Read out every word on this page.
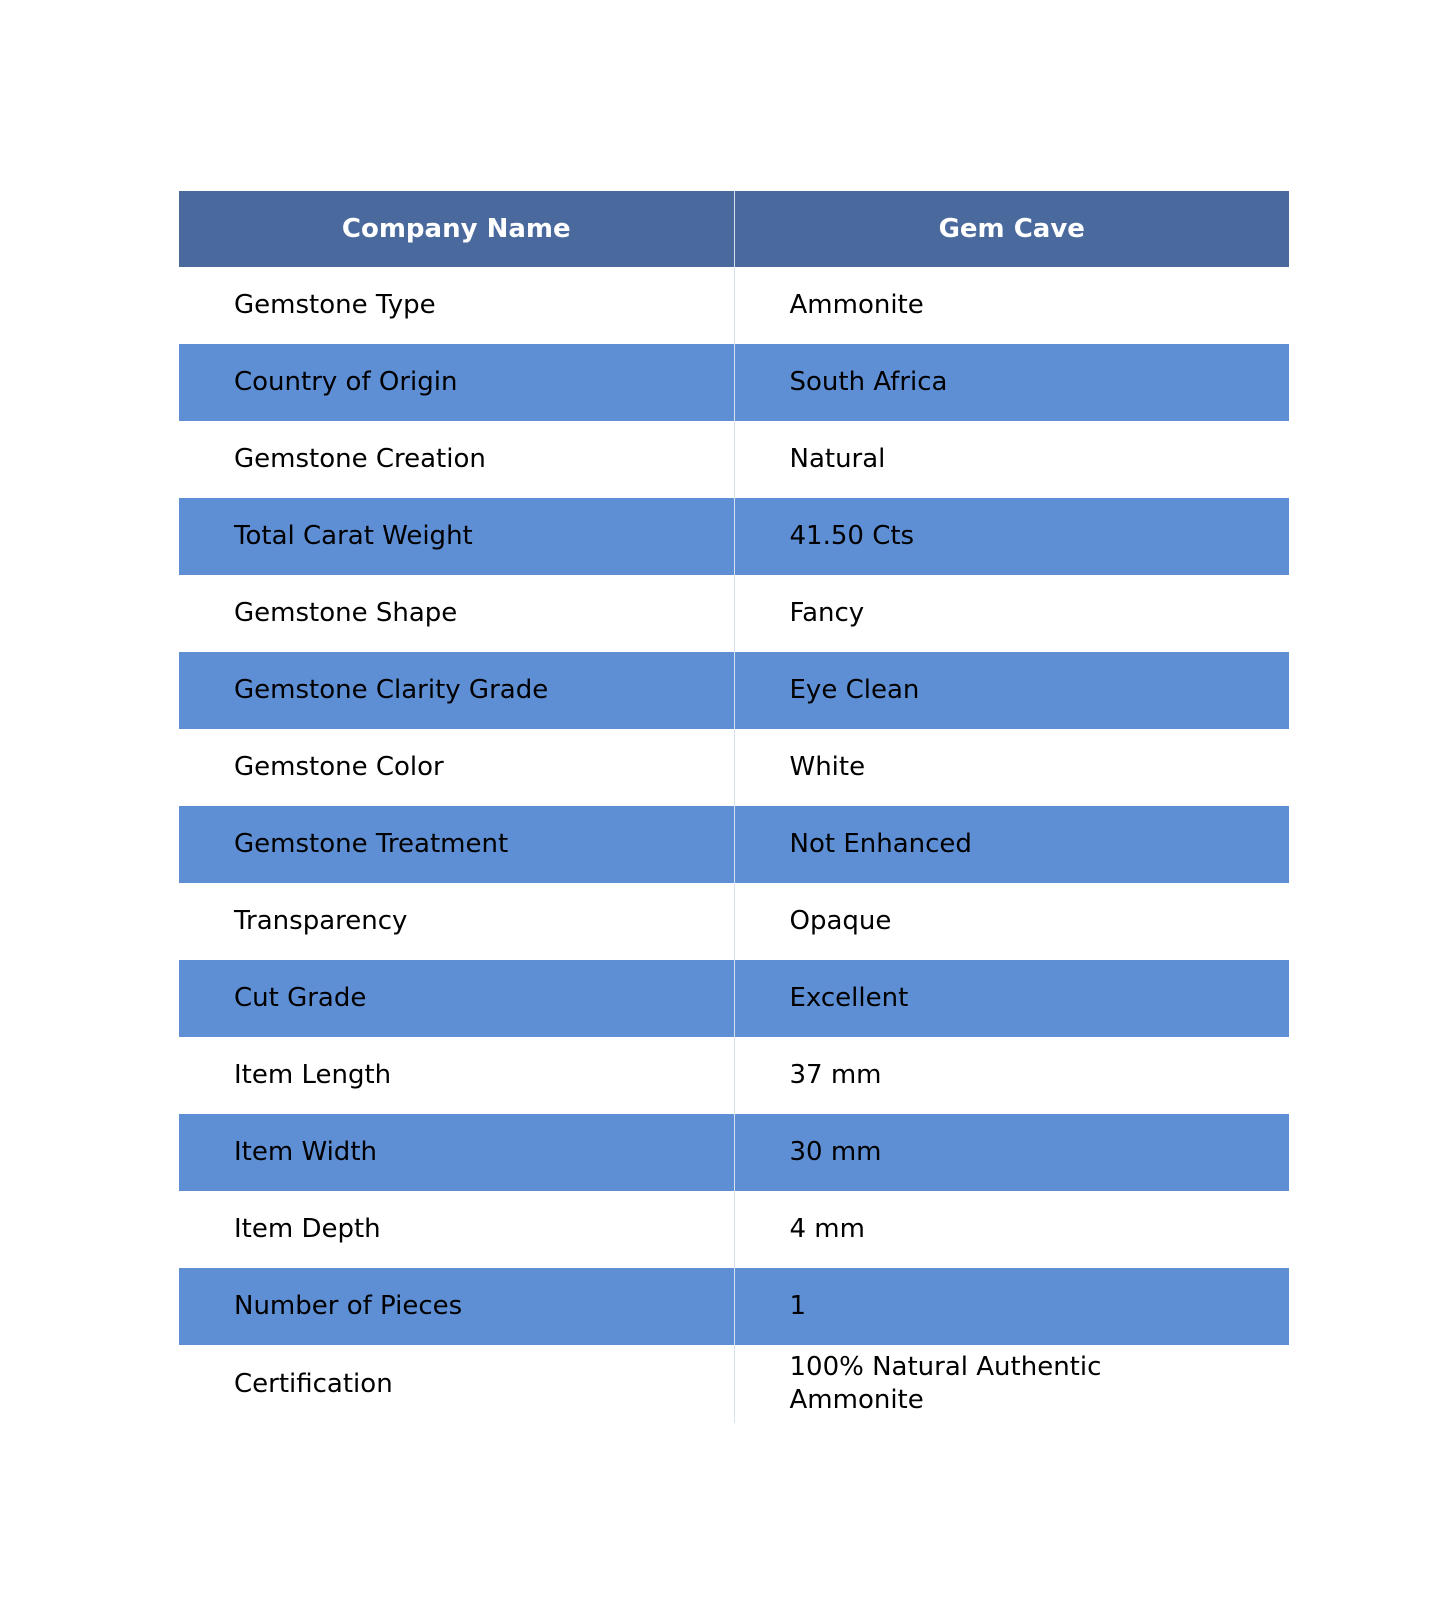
Company Name	Gem Cave
Gemstone Type	Ammonite
Country of Origin	South Africa
Gemstone Creation	Natural
Total Carat Weight	41.50 Cts
Gemstone Shape	Fancy
Gemstone Clarity Grade	Eye Clean
Gemstone Color	White
Gemstone Treatment	Not Enhanced
Transparency	Opaque
Cut Grade	Excellent
Item Length	37 mm
Item Width	30 mm
Item Depth	4 mm
Number of Pieces	1
Certification	100% Natural Authentic Ammonite
